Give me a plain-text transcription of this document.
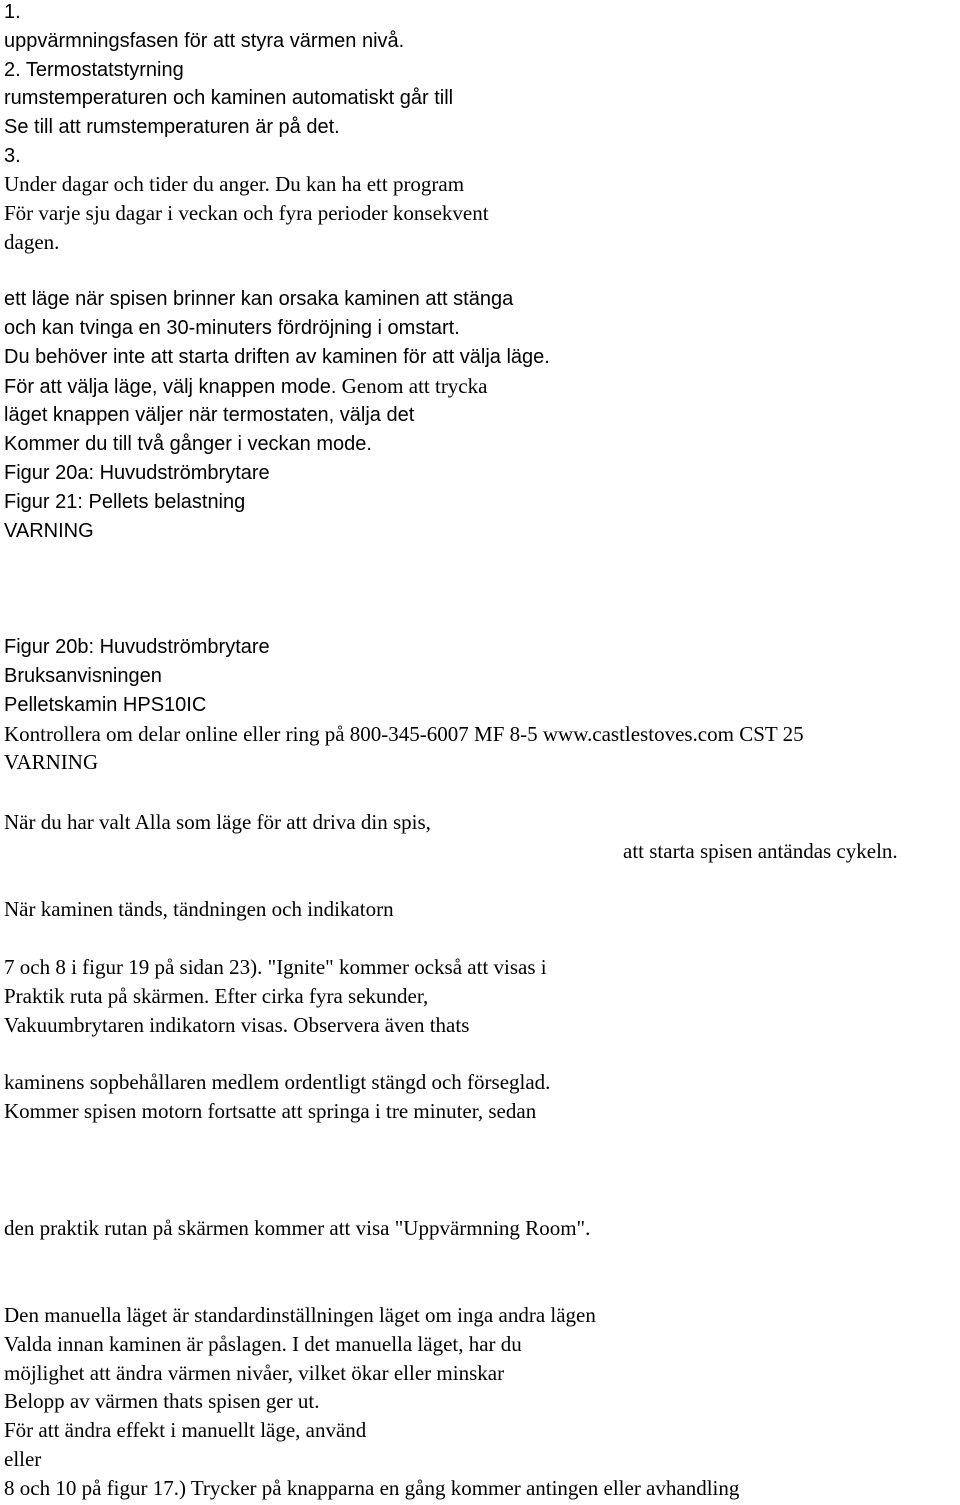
1.
uppvärmningsfasen för att styra värmen nivå.
2. Termostatstyrning
rumstemperaturen och kaminen automatiskt går till
Se till att rumstemperaturen är på det.
3.
Under dagar och tider du anger. Du kan ha ett program
För varje sju dagar i veckan och fyra perioder konsekvent
dagen.
ett läge när spisen brinner kan orsaka kaminen att stänga
och kan tvinga en 30-minuters fördröjning i omstart.
Du behöver inte att starta driften av kaminen för att välja läge.
För att välja läge, välj knappen mode. Genom att trycka
läget knappen väljer när termostaten, välja det
Kommer du till två gånger i veckan mode.
Figur 20a: Huvudströmbrytare
Figur 21: Pellets belastning
VARNING
Figur 20b: Huvudströmbrytare
Bruksanvisningen
Pelletskamin HPS10IC
Kontrollera om delar online eller ring på 800-345-6007 MF 8-5 www.castlestoves.com CST 25
VARNING
När du har valt Alla som läge för att driva din spis,
att starta spisen antändas cykeln.
När kaminen tänds, tändningen och indikatorn
7 och 8 i figur 19 på sidan 23). "Ignite" kommer också att visas i
Praktik ruta på skärmen. Efter cirka fyra sekunder,
Vakuumbrytaren indikatorn visas. Observera även thats
kaminens sopbehållaren medlem ordentligt stängd och förseglad.
Kommer spisen motorn fortsatte att springa i tre minuter, sedan
den praktik rutan på skärmen kommer att visa "Uppvärmning Room".
Den manuella läget är standardinställningen läget om inga andra lägen
Valda innan kaminen är påslagen. I det manuella läget, har du
möjlighet att ändra värmen nivåer, vilket ökar eller minskar
Belopp av värmen thats spisen ger ut.
För att ändra effekt i manuellt läge, använd
eller
8 och 10 på figur 17.) Trycker på knapparna en gång kommer antingen eller avhandling
